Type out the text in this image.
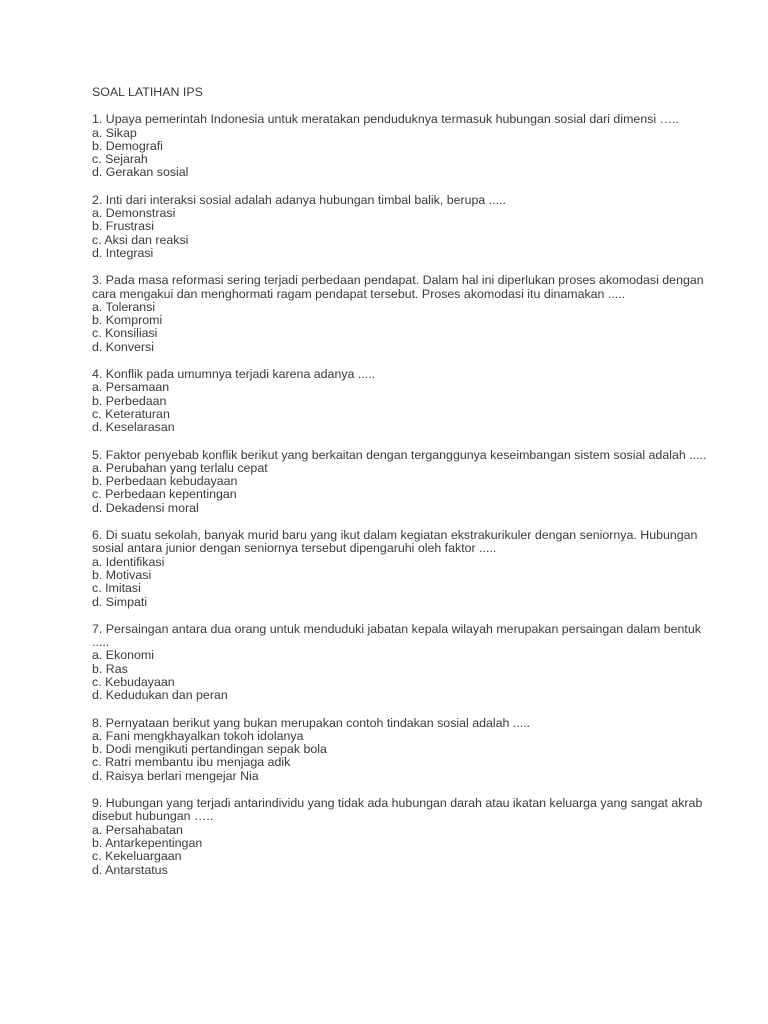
SOAL LATIHAN IPS

1. Upaya pemerintah Indonesia untuk meratakan penduduknya termasuk hubungan sosial dari dimensi …..

a. Sikap
b. Demografi
c. Sejarah
d. Gerakan sosial

2. Inti dari interaksi sosial adalah adanya hubungan timbal balik, berupa .....

a. Demonstrasi
b. Frustrasi
c. Aksi dan reaksi
d. Integrasi

3. Pada masa reformasi sering terjadi perbedaan pendapat. Dalam hal ini diperlukan proses akomodasi dengan cara mengakui dan menghormati ragam pendapat tersebut. Proses akomodasi itu dinamakan .....

a. Toleransi
b. Kompromi
c. Konsiliasi
d. Konversi

4. Konflik pada umumnya terjadi karena adanya .....

a. Persamaan
b. Perbedaan
c. Keteraturan
d. Keselarasan

5. Faktor penyebab konflik berikut yang berkaitan dengan terganggunya keseimbangan sistem sosial adalah .....

a. Perubahan yang terlalu cepat
b. Perbedaan kebudayaan
c. Perbedaan kepentingan
d. Dekadensi moral

6. Di suatu sekolah, banyak murid baru yang ikut dalam kegiatan ekstrakurikuler dengan seniornya. Hubungan sosial antara junior dengan seniornya tersebut dipengaruhi oleh faktor .....

a. Identifikasi
b. Motivasi
c. Imitasi
d. Simpati

7. Persaingan antara dua orang untuk menduduki jabatan kepala wilayah merupakan persaingan dalam bentuk .....

a. Ekonomi
b. Ras
c. Kebudayaan
d. Kedudukan dan peran

8. Pernyataan berikut yang bukan merupakan contoh tindakan sosial adalah .....

a. Fani mengkhayalkan tokoh idolanya
b. Dodi mengikuti pertandingan sepak bola
c. Ratri membantu ibu menjaga adik
d. Raisya berlari mengejar Nia

9. Hubungan yang terjadi antarindividu yang tidak ada hubungan darah atau ikatan keluarga yang sangat akrab disebut hubungan …..

a. Persahabatan
b. Antarkepentingan
c. Kekeluargaan
d. Antarstatus
